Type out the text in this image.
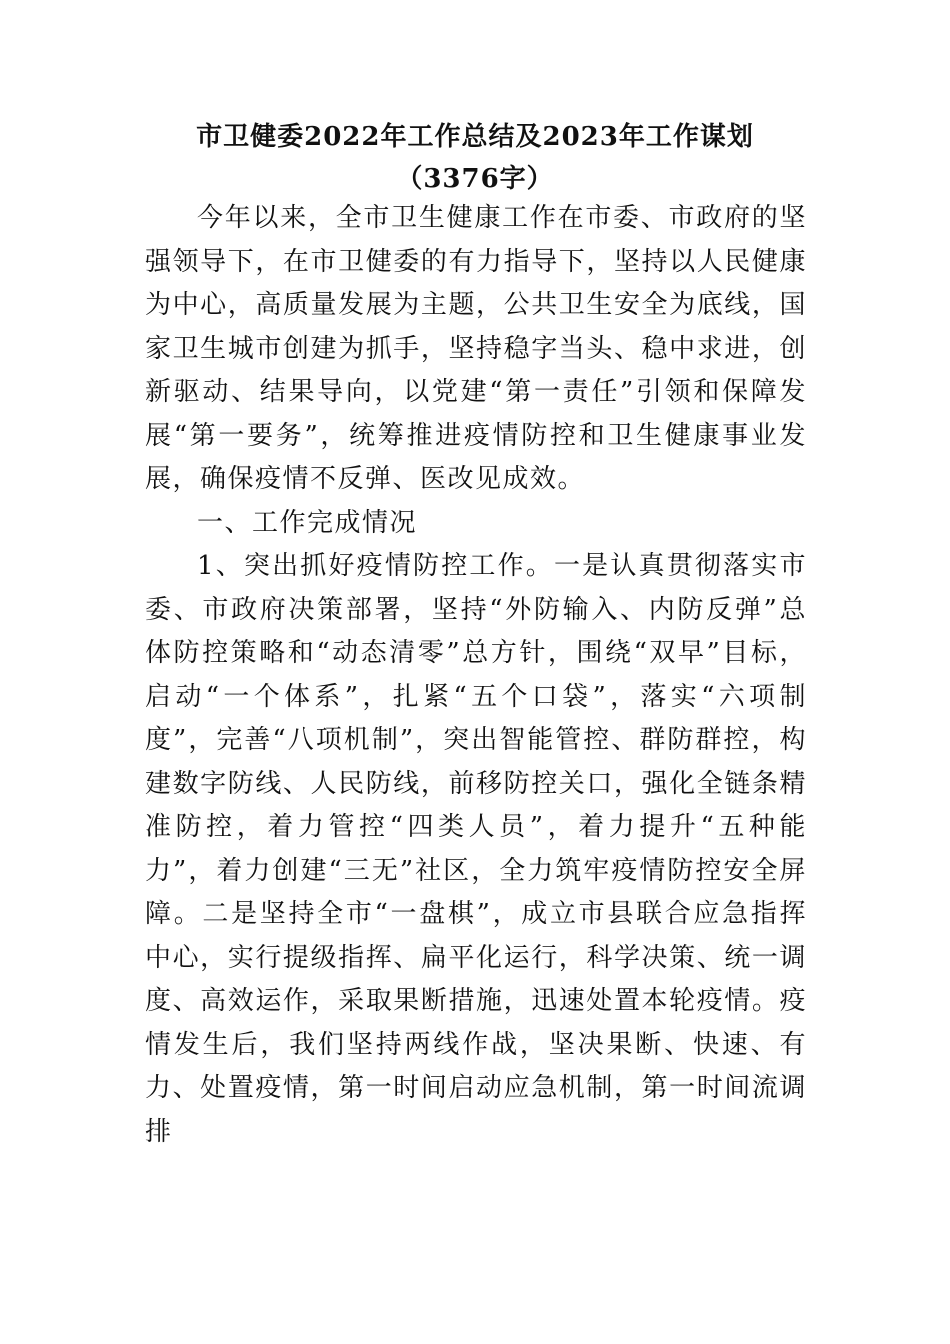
市卫健委2022年工作总结及2023年工作谋划
（3376字）

今年以来，全市卫生健康工作在市委、市政府的坚强领导下，在市卫健委的有力指导下，坚持以人民健康为中心，高质量发展为主题，公共卫生安全为底线，国家卫生城市创建为抓手，坚持稳字当头、稳中求进，创新驱动、结果导向，以党建“第一责任”引领和保障发展“第一要务”，统筹推进疫情防控和卫生健康事业发展，确保疫情不反弹、医改见成效。

一、工作完成情况

1、突出抓好疫情防控工作。一是认真贯彻落实市委、市政府决策部署，坚持“外防输入、内防反弹”总体防控策略和“动态清零”总方针，围绕“双早”目标，启动“一个体系”，扎紧“五个口袋”，落实“六项制度”，完善“八项机制”，突出智能管控、群防群控，构建数字防线、人民防线，前移防控关口，强化全链条精准防控，着力管控“四类人员”，着力提升“五种能力”，着力创建“三无”社区，全力筑牢疫情防控安全屏障。二是坚持全市“一盘棋”，成立市县联合应急指挥中心，实行提级指挥、扁平化运行，科学决策、统一调度、高效运作，采取果断措施，迅速处置本轮疫情。疫情发生后，我们坚持两线作战，坚决果断、快速、有力、处置疫情，第一时间启动应急机制，第一时间流调排
